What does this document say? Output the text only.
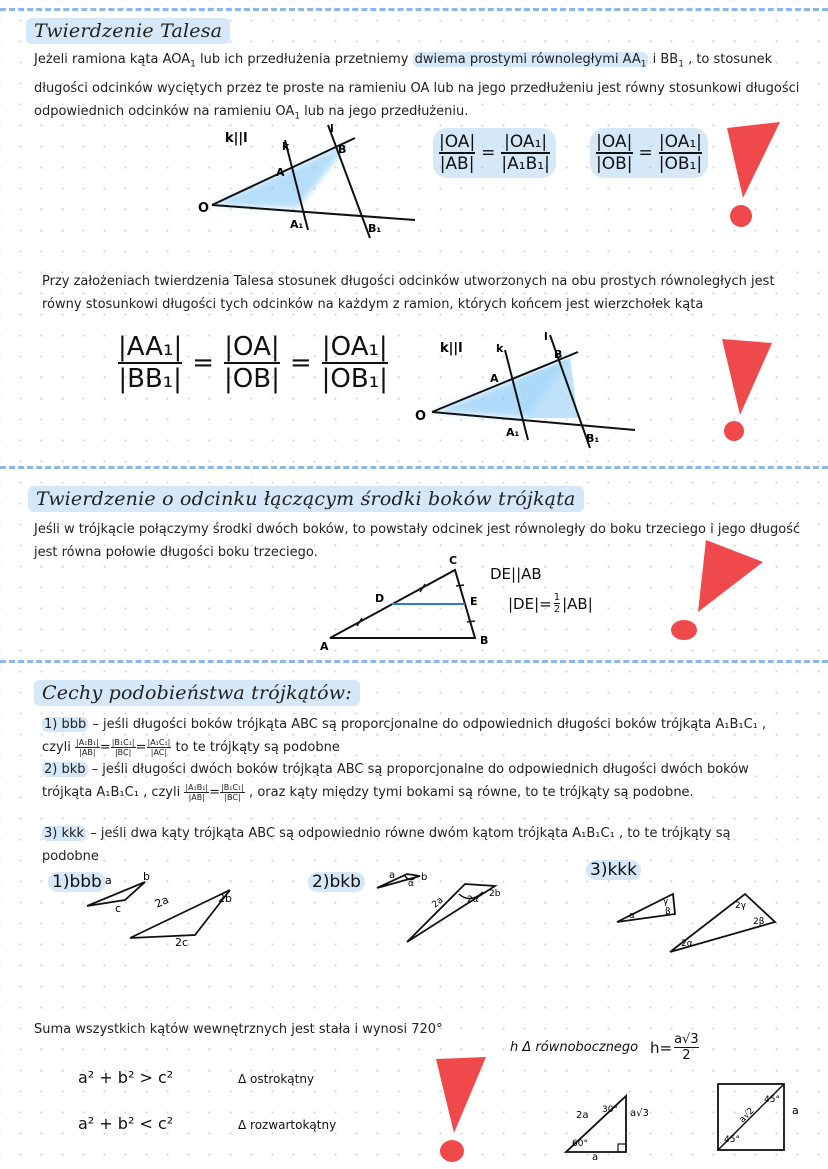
Twierdzenie Talesa
Jeżeli ramiona kąta $AOA_1$ lub ich przedłużenia przetniemy dwiema prostymi równoległymi $AA_1$ i $BB_1$ , to stosunek długości odcinków wyciętych przez te proste na ramieniu OA lub na jego przedłużeniu jest równy stosunkowi długości odpowiednich odcinków na ramieniu $OA_1$ lub na jego przedłużeniu.
k||l
O
k
l
A
B
A₁	B₁
$\frac{|OA|}{|AB|} = \frac{\text{|OA₁|}}{\text{|A₁B₁|}}$	$\frac{|OA|}{|OB|} = \frac{\text{|OA₁|}}{\text{|OB₁|}}$
Przy założeniach twierdzenia Talesa stosunek długości odcinków utworzonych na obu prostych równoległych jest równy stosunkowi długości tych odcinków na każdym z ramion, których końcem jest wierzchołek kąta
$\frac{\text{|AA₁|}}{\text{|BB₁|}} = \frac{|OA|}{|OB|} = \frac{\text{|OA₁|}}{\text{|OB₁|}}$	k||l
O
k
l
A
B
A₁	B₁
Twierdzenie o odcinku łączącym środki boków trójkąta
Jeśli w trójkącie połączymy środki dwóch boków, to powstały odcinek jest równoległy do boku trzeciego i jego długość jest równa połowie długości boku trzeciego.
A	B
C
D	E
DE||AB
$|DE|= \frac{1}{2} |AB|$
Cechy podobieństwa trójkątów:
1) bbb – jeśli długości boków trójkąta ABC są proporcjonalne do odpowiednich długości boków trójkąta A₁B₁C₁ , czyli $\frac{\text{|A₁B₁|}}{|AB|} = \frac{\text{|B₁C₁|}}{|BC|} = \frac{\text{|A₁C₁|}}{|AC|}$ to te trójkąty są podobne
2) bkb – jeśli długości dwóch boków trójkąta ABC są proporcjonalne do odpowiednich długości dwóch boków trójkąta A₁B₁C₁ , czyli $\frac{\text{|A₁B₁|}}{|AB|} = \frac{\text{|B₁C₁|}}{|BC|}$ , oraz kąty między tymi bokami są równe, to te trójkąty są podobne.
3) kkk – jeśli dwa kąty trójkąta ABC są odpowiednio równe dwóm kątom trójkąta A₁B₁C₁ , to te trójkąty są podobne
1)bbb a	b
c	2a	2b
2c
2)bkb	α
a	b
2a 2α
2b
3)kkk
α
γ
β
2α
2γ
2β
Suma wszystkich kątów wewnętrznych jest stała i wynosi 720°
a² + b² > c²	Δ ostrokątny
a² + b² < c²	Δ rozwartokątny
h Δ równobocznego $h= \frac{a√3}{2}$
2a 30°
60°
a√3
a
a√2
45°
45°
a
